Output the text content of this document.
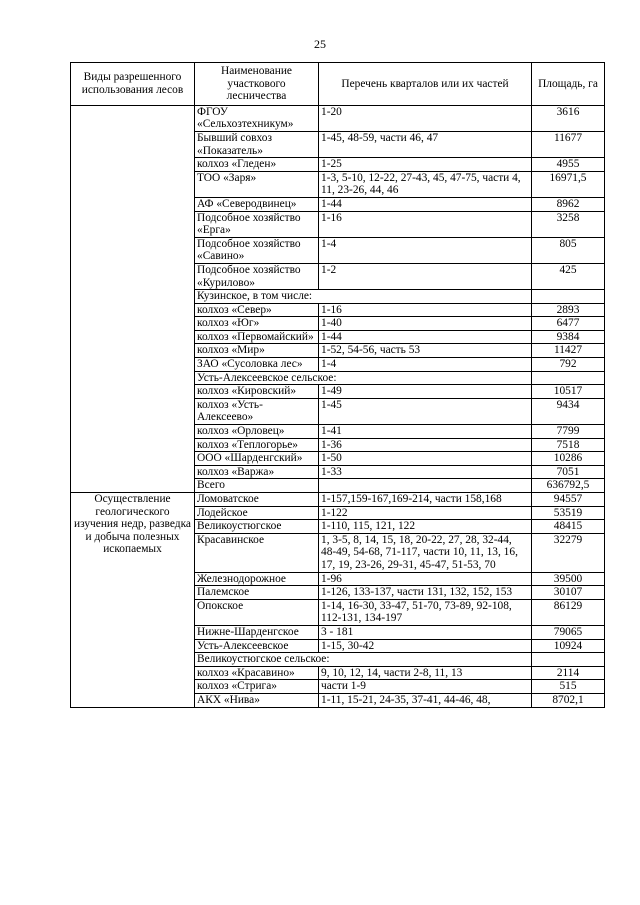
25
Виды разрешенного использования лесов	Наименование участкового лесничества	Перечень кварталов или их частей	Площадь, га
	ФГОУ «Сельхозтехникум»	1-20	3616
	Бывший совхоз «Показатель»	1-45, 48-59, части 46, 47	11677
	колхоз «Гледен»	1-25	4955
	ТОО «Заря»	1-3, 5-10, 12-22, 27-43, 45, 47-75, части 4, 11, 23-26, 44, 46	16971,5
	АФ «Северодвинец»	1-44	8962
	Подсобное хозяйство «Ерга»	1-16	3258
	Подсобное хозяйство «Савино»	1-4	805
	Подсобное хозяйство «Курилово»	1-2	425
	Кузинское, в том числе:		
	колхоз «Север»	1-16	2893
	колхоз «Юг»	1-40	6477
	колхоз «Первомайский»	1-44	9384
	колхоз «Мир»	1-52, 54-56, часть 53	11427
	ЗАО «Сусоловка лес»	1-4	792
	Усть-Алексеевское сельское:		
	колхоз «Кировский»	1-49	10517
	колхоз «Усть-Алексеево»	1-45	9434
	колхоз «Орловец»	1-41	7799
	колхоз «Теплогорье»	1-36	7518
	ООО «Шарденгский»	1-50	10286
	колхоз «Варжа»	1-33	7051
	Всего		636792,5
Осуществление геологического изучения недр, разведка и добыча полезных ископаемых	Ломоватское	1-157,159-167,169-214, части 158,168	94557
	Лодейское	1-122	53519
	Великоустюгское	1-110, 115, 121, 122	48415
	Красавинское	1, 3-5, 8, 14, 15, 18, 20-22, 27, 28, 32-44, 48-49, 54-68, 71-117, части 10, 11, 13, 16, 17, 19, 23-26, 29-31, 45-47, 51-53, 70	32279
	Железнодорожное	1-96	39500
	Палемское	1-126, 133-137, части 131, 132, 152, 153	30107
	Опокское	1-14, 16-30, 33-47, 51-70, 73-89, 92-108, 112-131, 134-197	86129
	Нижне-Шарденгское	3 - 181	79065
	Усть-Алексеевское	1-15, 30-42	10924
	Великоустюгское сельское:		
	колхоз «Красавино»	9, 10, 12, 14, части 2-8, 11, 13	2114
	колхоз «Стрига»	части 1-9	515
	АКХ «Нива»	1-11, 15-21, 24-35, 37-41, 44-46, 48,	8702,1
